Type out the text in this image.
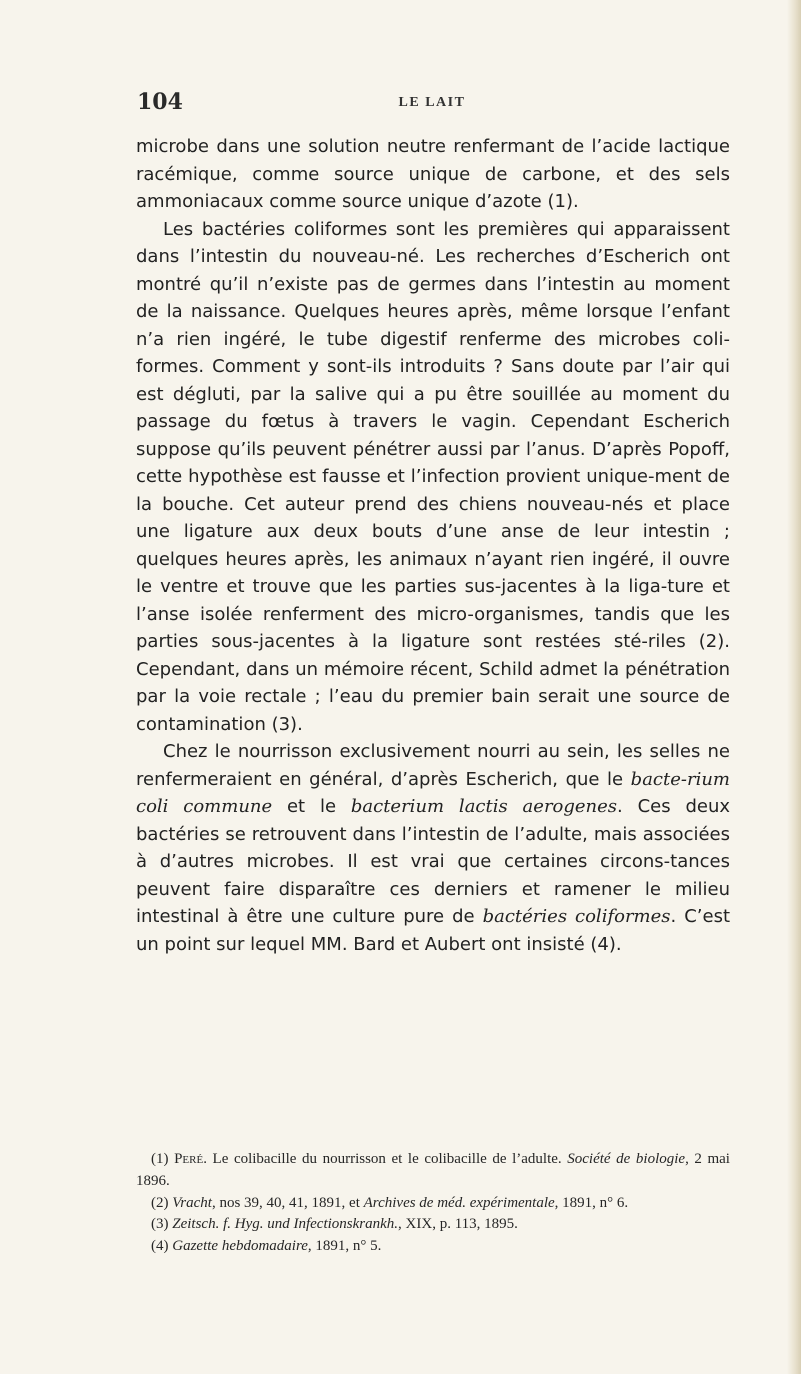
104	LE LAIT

microbe dans une solution neutre renfermant de l’acide lactique racémique, comme source unique de carbone, et des sels ammoniacaux comme source unique d’azote (1).

Les bactéries coliformes sont les premières qui apparaissent dans l’intestin du nouveau-né. Les recherches d’Escherich ont montré qu’il n’existe pas de germes dans l’intestin au moment de la naissance. Quelques heures après, même lorsque l’enfant n’a rien ingéré, le tube digestif renferme des microbes coli-formes. Comment y sont-ils introduits ? Sans doute par l’air qui est dégluti, par la salive qui a pu être souillée au moment du passage du fœtus à travers le vagin. Cependant Escherich suppose qu’ils peuvent pénétrer aussi par l’anus. D’après Popoff, cette hypothèse est fausse et l’infection provient unique-ment de la bouche. Cet auteur prend des chiens nouveau-nés et place une ligature aux deux bouts d’une anse de leur intestin ; quelques heures après, les animaux n’ayant rien ingéré, il ouvre le ventre et trouve que les parties sus-jacentes à la liga-ture et l’anse isolée renferment des micro-organismes, tandis que les parties sous-jacentes à la ligature sont restées sté-riles (2). Cependant, dans un mémoire récent, Schild admet la pénétration par la voie rectale ; l’eau du premier bain serait une source de contamination (3).

Chez le nourrisson exclusivement nourri au sein, les selles ne renfermeraient en général, d’après Escherich, que le bacte-rium coli commune et le bacterium lactis aerogenes. Ces deux bactéries se retrouvent dans l’intestin de l’adulte, mais associées à d’autres microbes. Il est vrai que certaines circons-tances peuvent faire disparaître ces derniers et ramener le milieu intestinal à être une culture pure de bactéries coliformes. C’est un point sur lequel MM. Bard et Aubert ont insisté (4).

(1) Peré. Le colibacille du nourrisson et le colibacille de l’adulte. Société de biologie, 2 mai 1896.

(2) Vracht, nos 39, 40, 41, 1891, et Archives de méd. expérimentale, 1891, n° 6.

(3) Zeitsch. f. Hyg. und Infectionskrankh., XIX, p. 113, 1895.

(4) Gazette hebdomadaire, 1891, n° 5.
